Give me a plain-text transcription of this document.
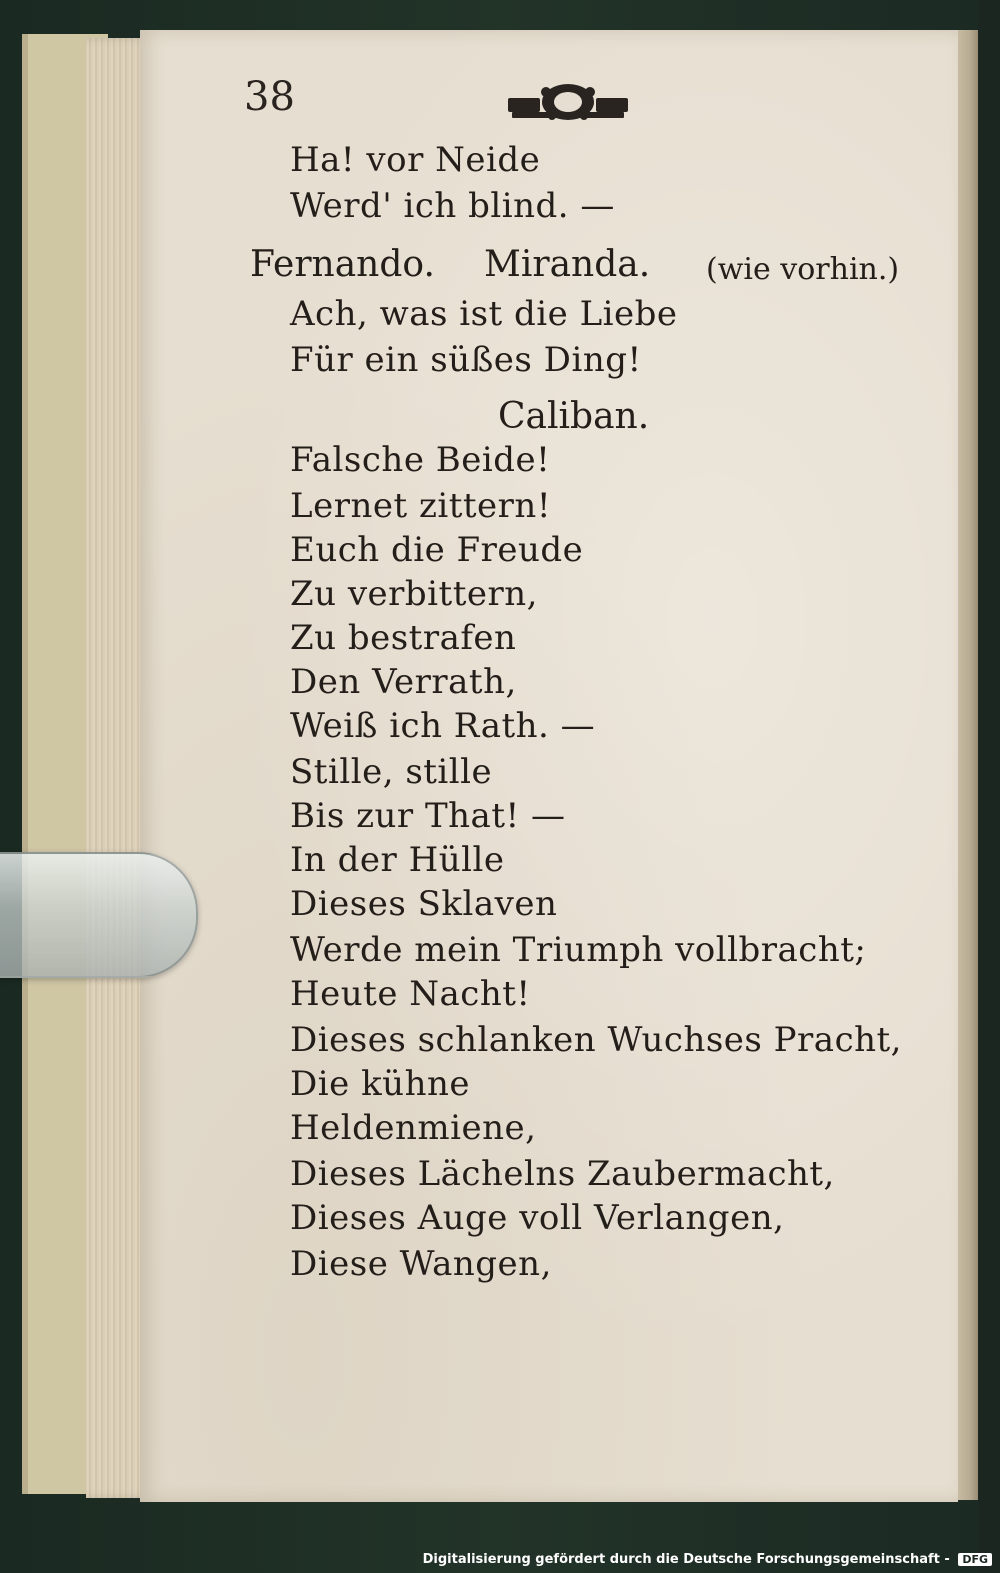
38
Ha! vor Neide
Werd' ich blind. —
Fernando. Miranda. (wie vorhin.)
Ach, was ist die Liebe
Für ein süßes Ding!
Caliban.
Falsche Beide!
Lernet zittern!
Euch die Freude
Zu verbittern,
Zu bestrafen
Den Verrath,
Weiß ich Rath. —
Stille, stille
Bis zur That! —
In der Hülle
Dieses Sklaven
Werde mein Triumph vollbracht;
Heute Nacht!
Dieses schlanken Wuchses Pracht,
Die kühne
Heldenmiene,
Dieses Lächelns Zaubermacht,
Dieses Auge voll Verlangen,
Diese Wangen,
Digitalisierung gefördert durch die Deutsche Forschungsgemeinschaft - DFG
